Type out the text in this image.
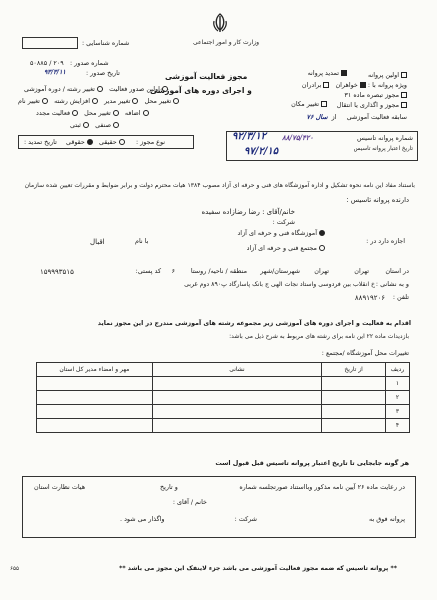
وزارت کار و امور اجتماعی
شماره شناسایی :
شماره صدور :
۲۰۹ / ۵۰۸۸۵
تاریخ صدور :
۹۳/۳/۱۱	مجوز فعالیت آموزشی
و اجرای دوره های آموزشی
اولین صدور فعالیت   تغییر رشته / دوره آموزشی
تغییر محل   تغییر مدیر   افزایش رشته   تغییر نام
اضافه   تغییر محل   فعالیت مجدد
صنفی   ثبتی
نوع مجوز :
حقیقی   حقوقی
تاریخ تمدید :
اولین پروانه
تمدید پروانه
ویژه پروانه با : خواهران   برادران
مجوز تبصره ماده ۳۱
مجوز و اگذاری یا انتقال
تغییر مکان
سابقه فعالیت آموزشی     از  سال ۷۶
شماره پروانه تاسیس
۹۲/۳/۱۲ ۸۸/۷۵/۴۲۰
تاریخ اعتبار پروانه تاسیس
۹۷/۲/۱۵
باستناد مفاد این نامه نحوه تشکیل و اداره آموزشگاه های فنی و حرفه ای آزاد مصوب ۱۳۸۴ هیات محترم دولت و برابر ضوابط و مقررات تعیین شده سازمان
دارنده پروانه تاسیس :
خانم/آقای : رضا رضازاده سفیده
شرکت :
آموزشگاه فنی و حرفه ای آزاد
اجازه دارد در :
مجتمع فنی و حرفه ای آزاد
با نام
اقبال
در استان
تهران
تهران
شهرستان/شهر
منطقه / ناحیه/ روستا
۶
کد پستی:
۱۵۹۹۹۳۵۱۵
و به نشانی :
خ انقلاب بین فردوسی واستاد نجات الهی ج بانک پاسارگاد پ۸۹۰ دوم غربی
تلفن :
۸۸۹۱۹۲۰۶
اقدام به فعالیت و اجرای دوره های آموزشی زیر مجموعه رشته های آموزشی مندرج در این مجوز نماید
بازدیدات ماده ۲۲ این نامه برای رشته های مربوط به شرح ذیل می باشد:
تغییرات محل آموزشگاه /مجتمع :
ردیف	از تاریخ	نشانی	مهر و امضاء مدیر کل استان
۱			
۲			
۳			
۴			
هر گونه جابجایی تا تاریخ اعتبار پروانه تاسیس قبل قبول است
در رعایت ماده ۲۶ آیین نامه مذکور وبااستناد صورتجلسه شماره
و تاریخ
هیات نظارت استان
خانم / آقای :
پروانه فوق به
شرکت :
واگذار می شود .
** پروانه تاسیس که ضمه مجوز فعالیت آموزشی می باشد جزء لاینفک این مجوز می باشد **
۶۵۵
